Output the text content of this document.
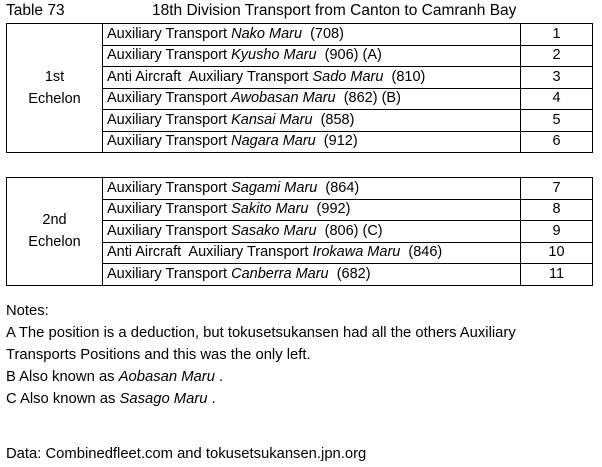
Table 73	18th Division Transport from Canton to Camranh Bay
1st
Echelon	Auxiliary Transport Nako Maru (708)	1
	Auxiliary Transport Kyusho Maru (906) (A)	2
	Anti Aircraft  Auxiliary Transport Sado Maru (810)	3
	Auxiliary Transport Awobasan Maru (862) (B)	4
	Auxiliary Transport Kansai Maru (858)	5
	Auxiliary Transport Nagara Maru (912)	6
2nd
Echelon	Auxiliary Transport Sagami Maru (864)	7
	Auxiliary Transport Sakito Maru (992)	8
	Auxiliary Transport Sasako Maru (806) (C)	9
	Anti Aircraft  Auxiliary Transport Irokawa Maru (846)	10
	Auxiliary Transport Canberra Maru (682)	11

Notes:

A The position is a deduction, but tokusetsukansen had all the others Auxiliary

Transports Positions and this was the only left.

B Also known as Aobasan Maru .

C Also known as Sasago Maru .

Data: Combinedfleet.com and tokusetsukansen.jpn.org
